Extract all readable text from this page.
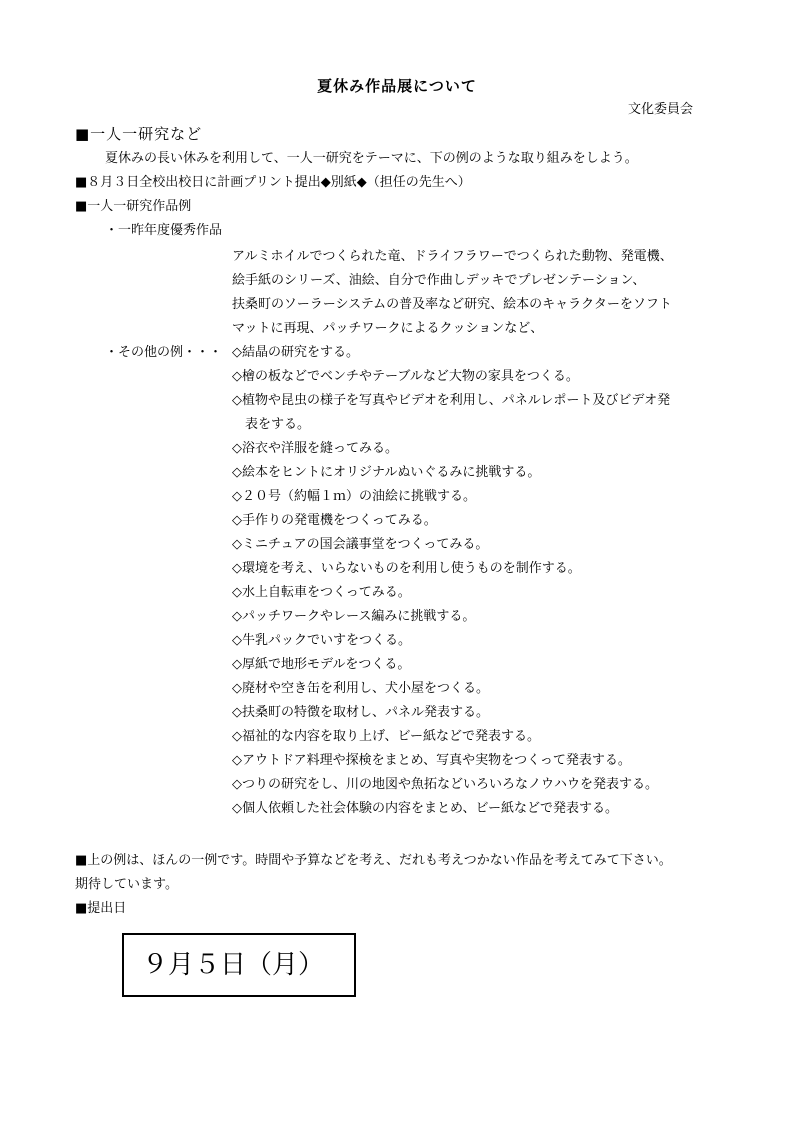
夏休み作品展について
文化委員会
■一人一研究など
夏休みの長い休みを利用して、一人一研究をテーマに、下の例のような取り組みをしよう。
■８月３日全校出校日に計画プリント提出◆別紙◆（担任の先生へ）
■一人一研究作品例
・一昨年度優秀作品
アルミホイルでつくられた竜、ドライフラワーでつくられた動物、発電機、
絵手紙のシリーズ、油絵、自分で作曲しデッキでプレゼンテーション、
扶桑町のソーラーシステムの普及率など研究、絵本のキャラクターをソフト
マットに再現、パッチワークによるクッションなど、
・その他の例・・・ ◇結晶の研究をする。
◇檜の板などでベンチやテーブルなど大物の家具をつくる。
◇植物や昆虫の様子を写真やビデオを利用し、パネルレポート及びビデオ発
　表をする。
◇浴衣や洋服を縫ってみる。
◇絵本をヒントにオリジナルぬいぐるみに挑戦する。
◇２０号（約幅１ｍ）の油絵に挑戦する。
◇手作りの発電機をつくってみる。
◇ミニチュアの国会議事堂をつくってみる。
◇環境を考え、いらないものを利用し使うものを制作する。
◇水上自転車をつくってみる。
◇パッチワークやレース編みに挑戦する。
◇牛乳パックでいすをつくる。
◇厚紙で地形モデルをつくる。
◇廃材や空き缶を利用し、犬小屋をつくる。
◇扶桑町の特徴を取材し、パネル発表する。
◇福祉的な内容を取り上げ、ビー紙などで発表する。
◇アウトドア料理や探検をまとめ、写真や実物をつくって発表する。
◇つりの研究をし、川の地図や魚拓などいろいろなノウハウを発表する。
◇個人依頼した社会体験の内容をまとめ、ビー紙などで発表する。
■上の例は、ほんの一例です。時間や予算などを考え、だれも考えつかない作品を考えてみて下さい。
期待しています。
■提出日
９月５日（月）
